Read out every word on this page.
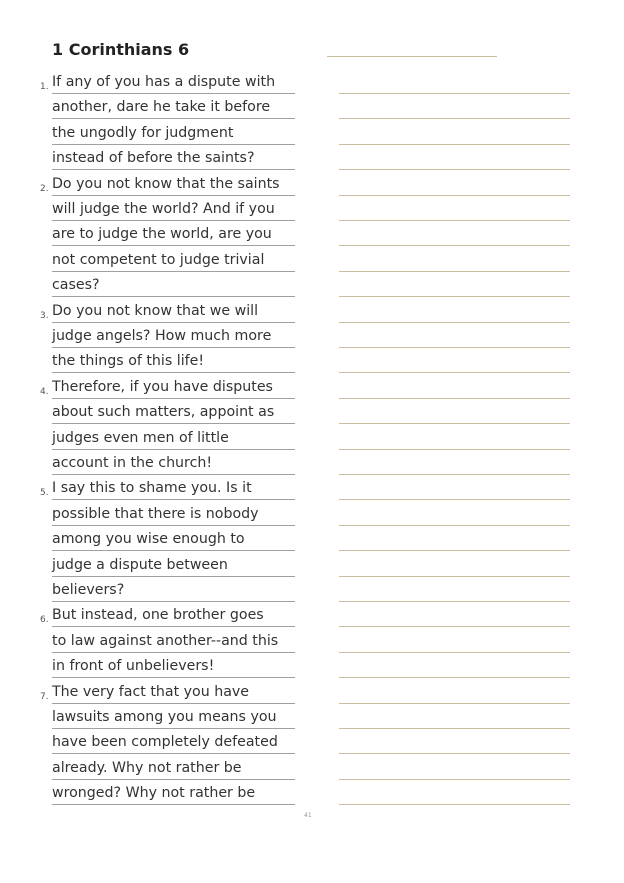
1 Corinthians 6
1. If any of you has a dispute with
another, dare he take it before
the ungodly for judgment
instead of before the saints?
2. Do you not know that the saints
will judge the world? And if you
are to judge the world, are you
not competent to judge trivial
cases?
3. Do you not know that we will
judge angels? How much more
the things of this life!
4. Therefore, if you have disputes
about such matters, appoint as
judges even men of little
account in the church!
5. I say this to shame you. Is it
possible that there is nobody
among you wise enough to
judge a dispute between
believers?
6. But instead, one brother goes
to law against another--and this
in front of unbelievers!
7. The very fact that you have
lawsuits among you means you
have been completely defeated
already. Why not rather be
wronged? Why not rather be
41
